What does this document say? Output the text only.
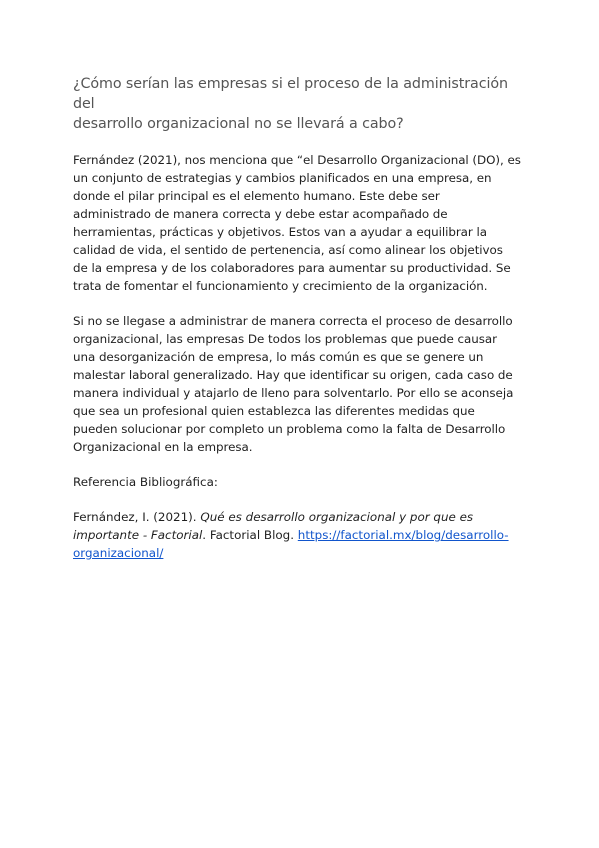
¿Cómo serían las empresas si el proceso de la administración del
desarrollo organizacional no se llevará a cabo?

Fernández (2021), nos menciona que “el Desarrollo Organizacional (DO), es
un conjunto de estrategias y cambios planificados en una empresa, en
donde el pilar principal es el elemento humano. Este debe ser
administrado de manera correcta y debe estar acompañado de
herramientas, prácticas y objetivos. Estos van a ayudar a equilibrar la
calidad de vida, el sentido de pertenencia, así como alinear los objetivos
de la empresa y de los colaboradores para aumentar su productividad. Se
trata de fomentar el funcionamiento y crecimiento de la organización.

Si no se llegase a administrar de manera correcta el proceso de desarrollo
organizacional, las empresas De todos los problemas que puede causar
una desorganización de empresa, lo más común es que se genere un
malestar laboral generalizado. Hay que identificar su origen, cada caso de
manera individual y atajarlo de lleno para solventarlo. Por ello se aconseja
que sea un profesional quien establezca las diferentes medidas que
pueden solucionar por completo un problema como la falta de Desarrollo
Organizacional en la empresa.

Referencia Bibliográfica:

Fernández, I. (2021). Qué es desarrollo organizacional y por que es
importante - Factorial. Factorial Blog. https://factorial.mx/blog/desarrollo-
organizacional/
